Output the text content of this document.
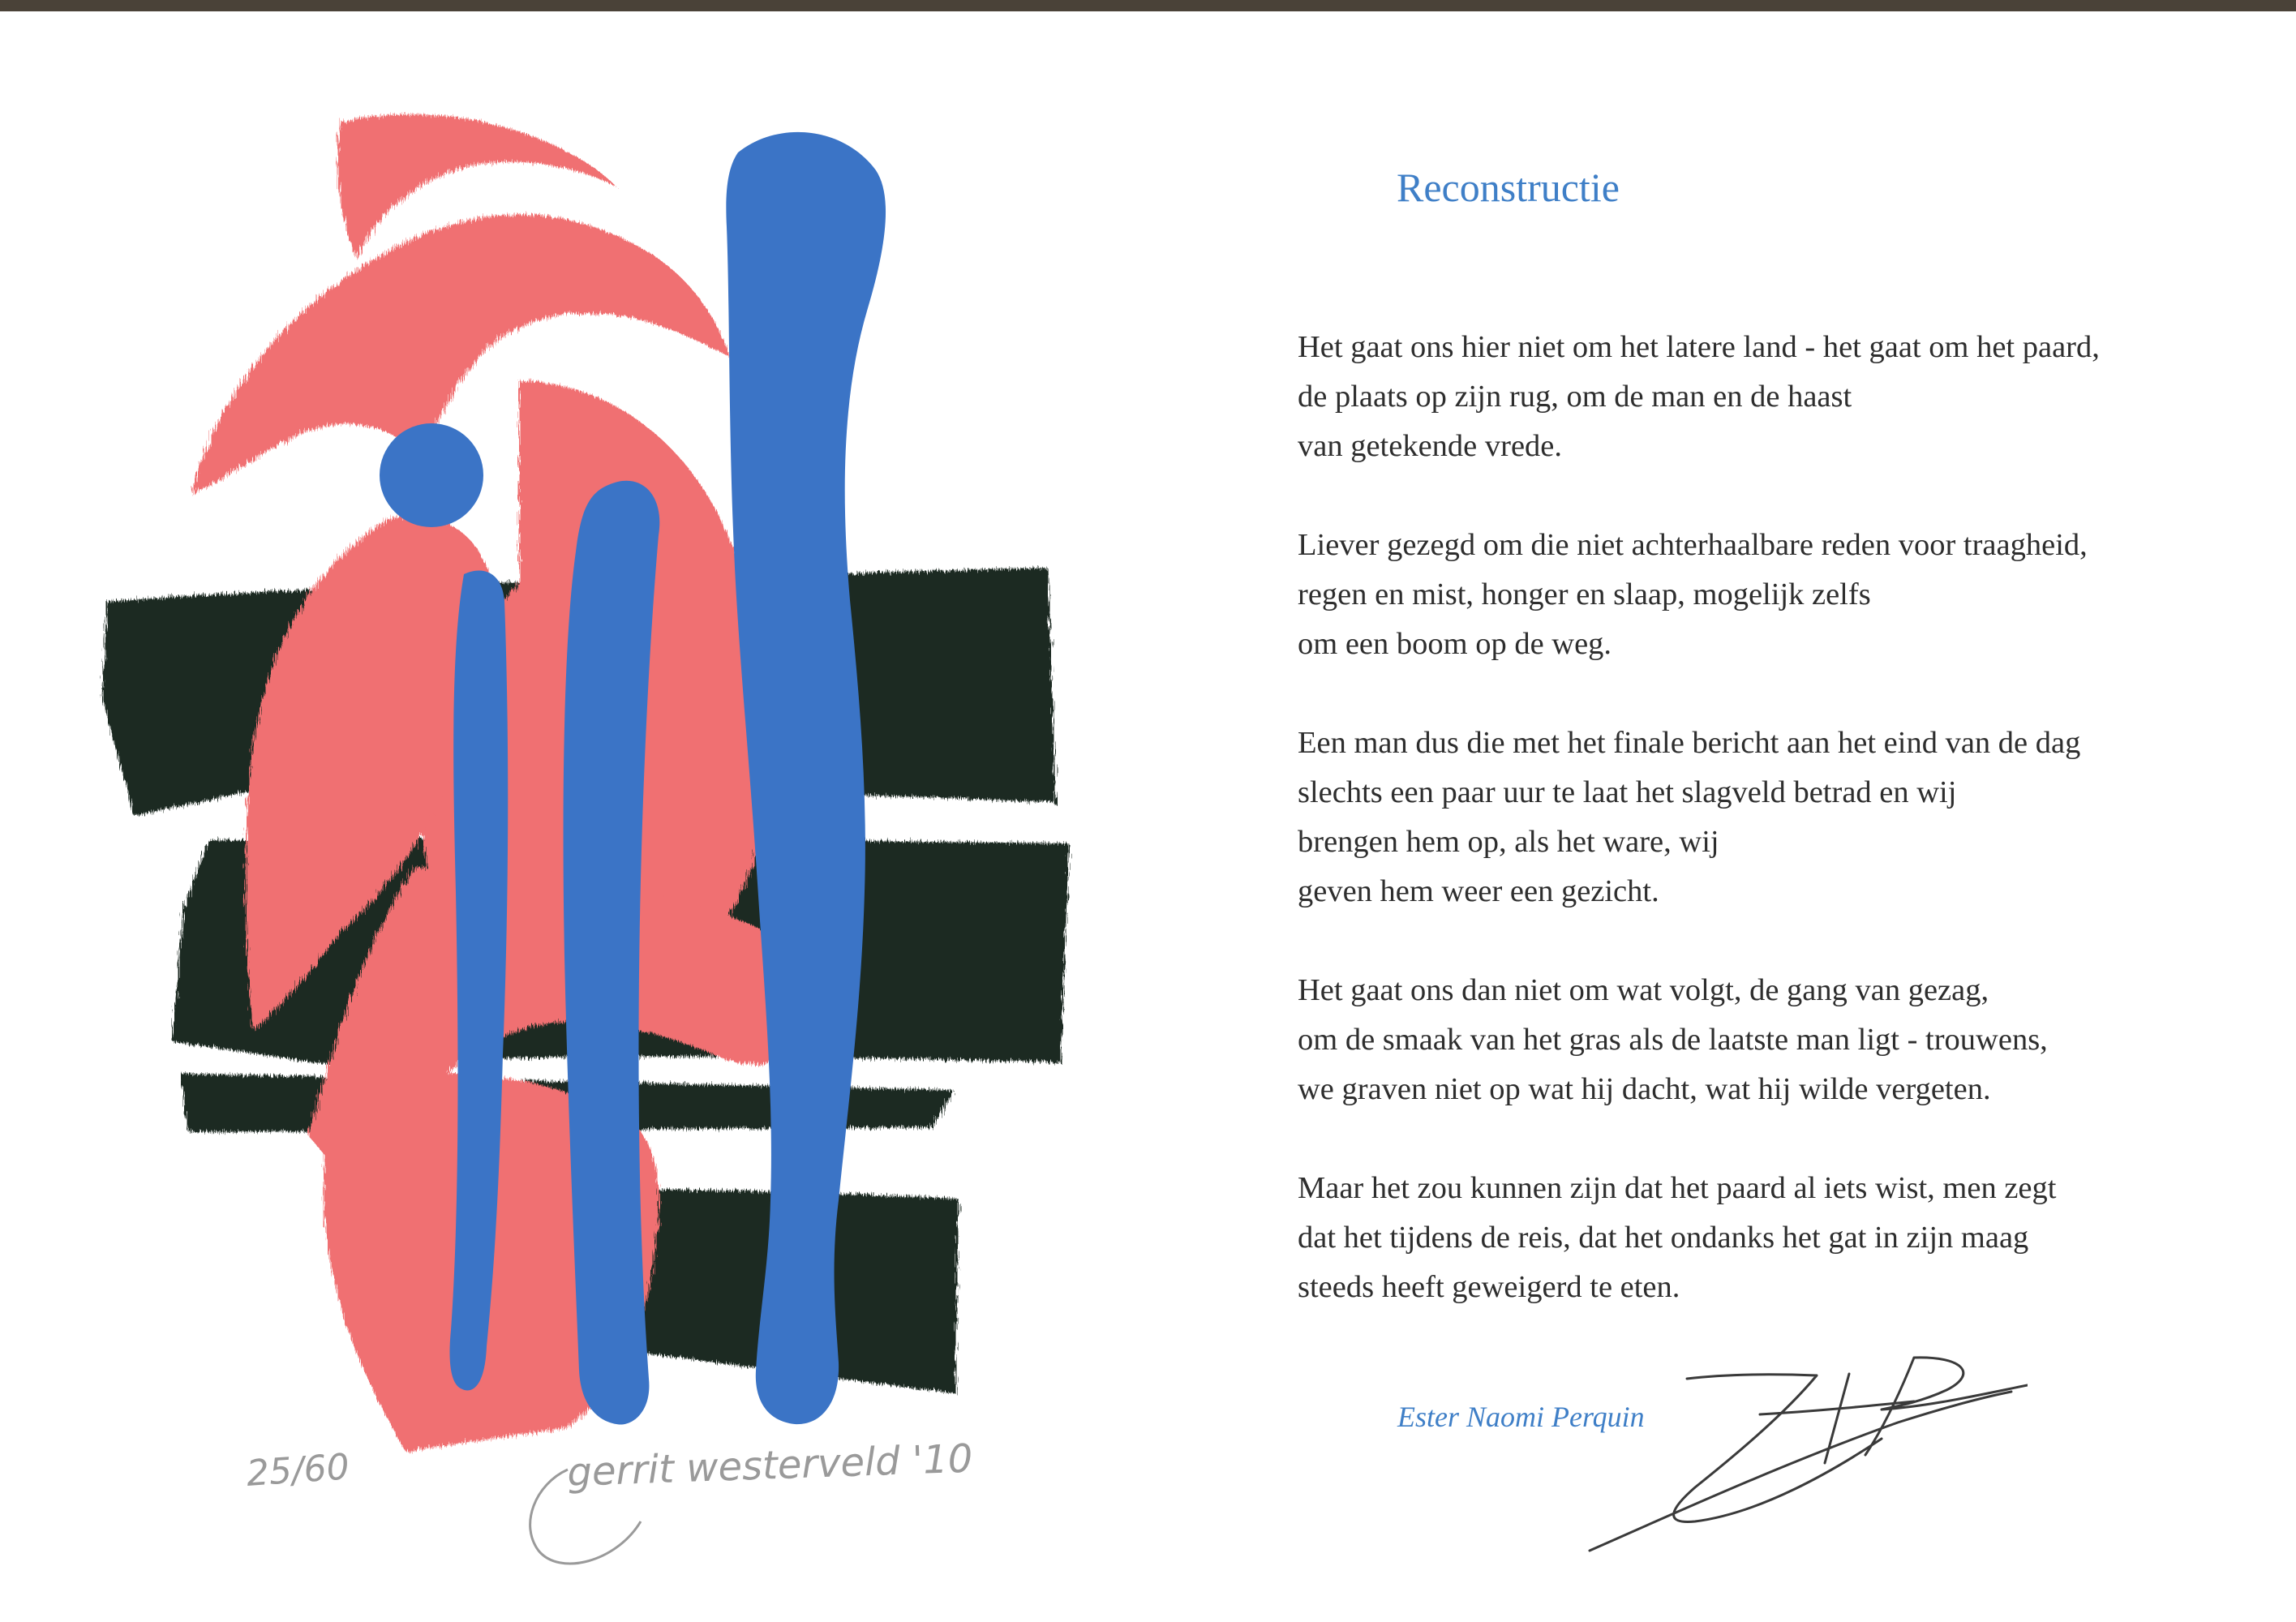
25/60	gerrit westerveld '10
Reconstructie
Het gaat ons hier niet om het latere land - het gaat om het paard,
de plaats op zijn rug, om de man en de haast
van getekende vrede.
Liever gezegd om die niet achterhaalbare reden voor traagheid,
regen en mist, honger en slaap, mogelijk zelfs
om een boom op de weg.
Een man dus die met het finale bericht aan het eind van de dag
slechts een paar uur te laat het slagveld betrad en wij
brengen hem op, als het ware, wij
geven hem weer een gezicht.
Het gaat ons dan niet om wat volgt, de gang van gezag,
om de smaak van het gras als de laatste man ligt - trouwens,
we graven niet op wat hij dacht, wat hij wilde vergeten.
Maar het zou kunnen zijn dat het paard al iets wist, men zegt
dat het tijdens de reis, dat het ondanks het gat in zijn maag
steeds heeft geweigerd te eten.
Ester Naomi Perquin
